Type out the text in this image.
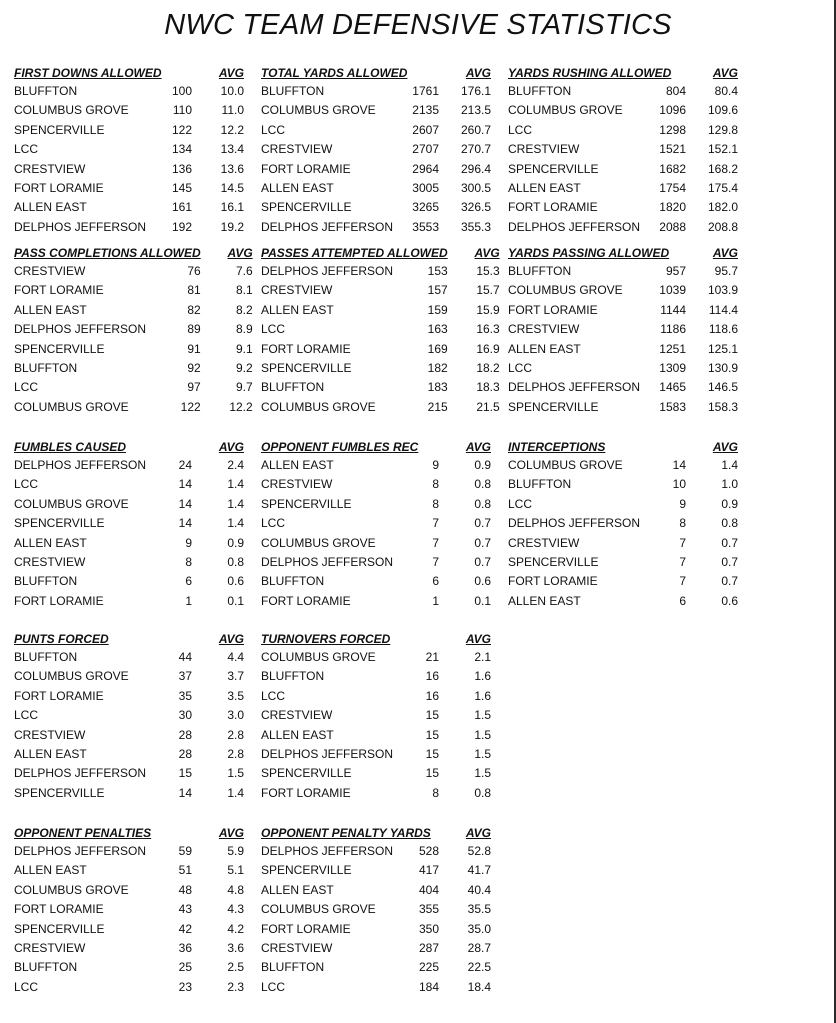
NWC TEAM DEFENSIVE STATISTICS
FIRST DOWNS ALLOWED		AVG
BLUFFTON	100	10.0
COLUMBUS GROVE	110	11.0
SPENCERVILLE	122	12.2
LCC	134	13.4
CRESTVIEW	136	13.6
FORT LORAMIE	145	14.5
ALLEN EAST	161	16.1
DELPHOS JEFFERSON	192	19.2
TOTAL YARDS ALLOWED		AVG
BLUFFTON	1761	176.1
COLUMBUS GROVE	2135	213.5
LCC	2607	260.7
CRESTVIEW	2707	270.7
FORT LORAMIE	2964	296.4
ALLEN EAST	3005	300.5
SPENCERVILLE	3265	326.5
DELPHOS JEFFERSON	3553	355.3
YARDS RUSHING ALLOWED		AVG
BLUFFTON	804	80.4
COLUMBUS GROVE	1096	109.6
LCC	1298	129.8
CRESTVIEW	1521	152.1
SPENCERVILLE	1682	168.2
ALLEN EAST	1754	175.4
FORT LORAMIE	1820	182.0
DELPHOS JEFFERSON	2088	208.8
PASS COMPLETIONS ALLOWED		AVG
CRESTVIEW	76	7.6
FORT LORAMIE	81	8.1
ALLEN EAST	82	8.2
DELPHOS JEFFERSON	89	8.9
SPENCERVILLE	91	9.1
BLUFFTON	92	9.2
LCC	97	9.7
COLUMBUS GROVE	122	12.2
PASSES ATTEMPTED ALLOWED		AVG
DELPHOS JEFFERSON	153	15.3
CRESTVIEW	157	15.7
ALLEN EAST	159	15.9
LCC	163	16.3
FORT LORAMIE	169	16.9
SPENCERVILLE	182	18.2
BLUFFTON	183	18.3
COLUMBUS GROVE	215	21.5
YARDS PASSING ALLOWED		AVG
BLUFFTON	957	95.7
COLUMBUS GROVE	1039	103.9
FORT LORAMIE	1144	114.4
CRESTVIEW	1186	118.6
ALLEN EAST	1251	125.1
LCC	1309	130.9
DELPHOS JEFFERSON	1465	146.5
SPENCERVILLE	1583	158.3
FUMBLES CAUSED		AVG
DELPHOS JEFFERSON	24	2.4
LCC	14	1.4
COLUMBUS GROVE	14	1.4
SPENCERVILLE	14	1.4
ALLEN EAST	9	0.9
CRESTVIEW	8	0.8
BLUFFTON	6	0.6
FORT LORAMIE	1	0.1
OPPONENT FUMBLES REC		AVG
ALLEN EAST	9	0.9
CRESTVIEW	8	0.8
SPENCERVILLE	8	0.8
LCC	7	0.7
COLUMBUS GROVE	7	0.7
DELPHOS JEFFERSON	7	0.7
BLUFFTON	6	0.6
FORT LORAMIE	1	0.1
INTERCEPTIONS		AVG
COLUMBUS GROVE	14	1.4
BLUFFTON	10	1.0
LCC	9	0.9
DELPHOS JEFFERSON	8	0.8
CRESTVIEW	7	0.7
SPENCERVILLE	7	0.7
FORT LORAMIE	7	0.7
ALLEN EAST	6	0.6
PUNTS FORCED		AVG
BLUFFTON	44	4.4
COLUMBUS GROVE	37	3.7
FORT LORAMIE	35	3.5
LCC	30	3.0
CRESTVIEW	28	2.8
ALLEN EAST	28	2.8
DELPHOS JEFFERSON	15	1.5
SPENCERVILLE	14	1.4
TURNOVERS FORCED		AVG
COLUMBUS GROVE	21	2.1
BLUFFTON	16	1.6
LCC	16	1.6
CRESTVIEW	15	1.5
ALLEN EAST	15	1.5
DELPHOS JEFFERSON	15	1.5
SPENCERVILLE	15	1.5
FORT LORAMIE	8	0.8
OPPONENT PENALTIES		AVG
DELPHOS JEFFERSON	59	5.9
ALLEN EAST	51	5.1
COLUMBUS GROVE	48	4.8
FORT LORAMIE	43	4.3
SPENCERVILLE	42	4.2
CRESTVIEW	36	3.6
BLUFFTON	25	2.5
LCC	23	2.3
OPPONENT PENALTY YARDS		AVG
DELPHOS JEFFERSON	528	52.8
SPENCERVILLE	417	41.7
ALLEN EAST	404	40.4
COLUMBUS GROVE	355	35.5
FORT LORAMIE	350	35.0
CRESTVIEW	287	28.7
BLUFFTON	225	22.5
LCC	184	18.4
